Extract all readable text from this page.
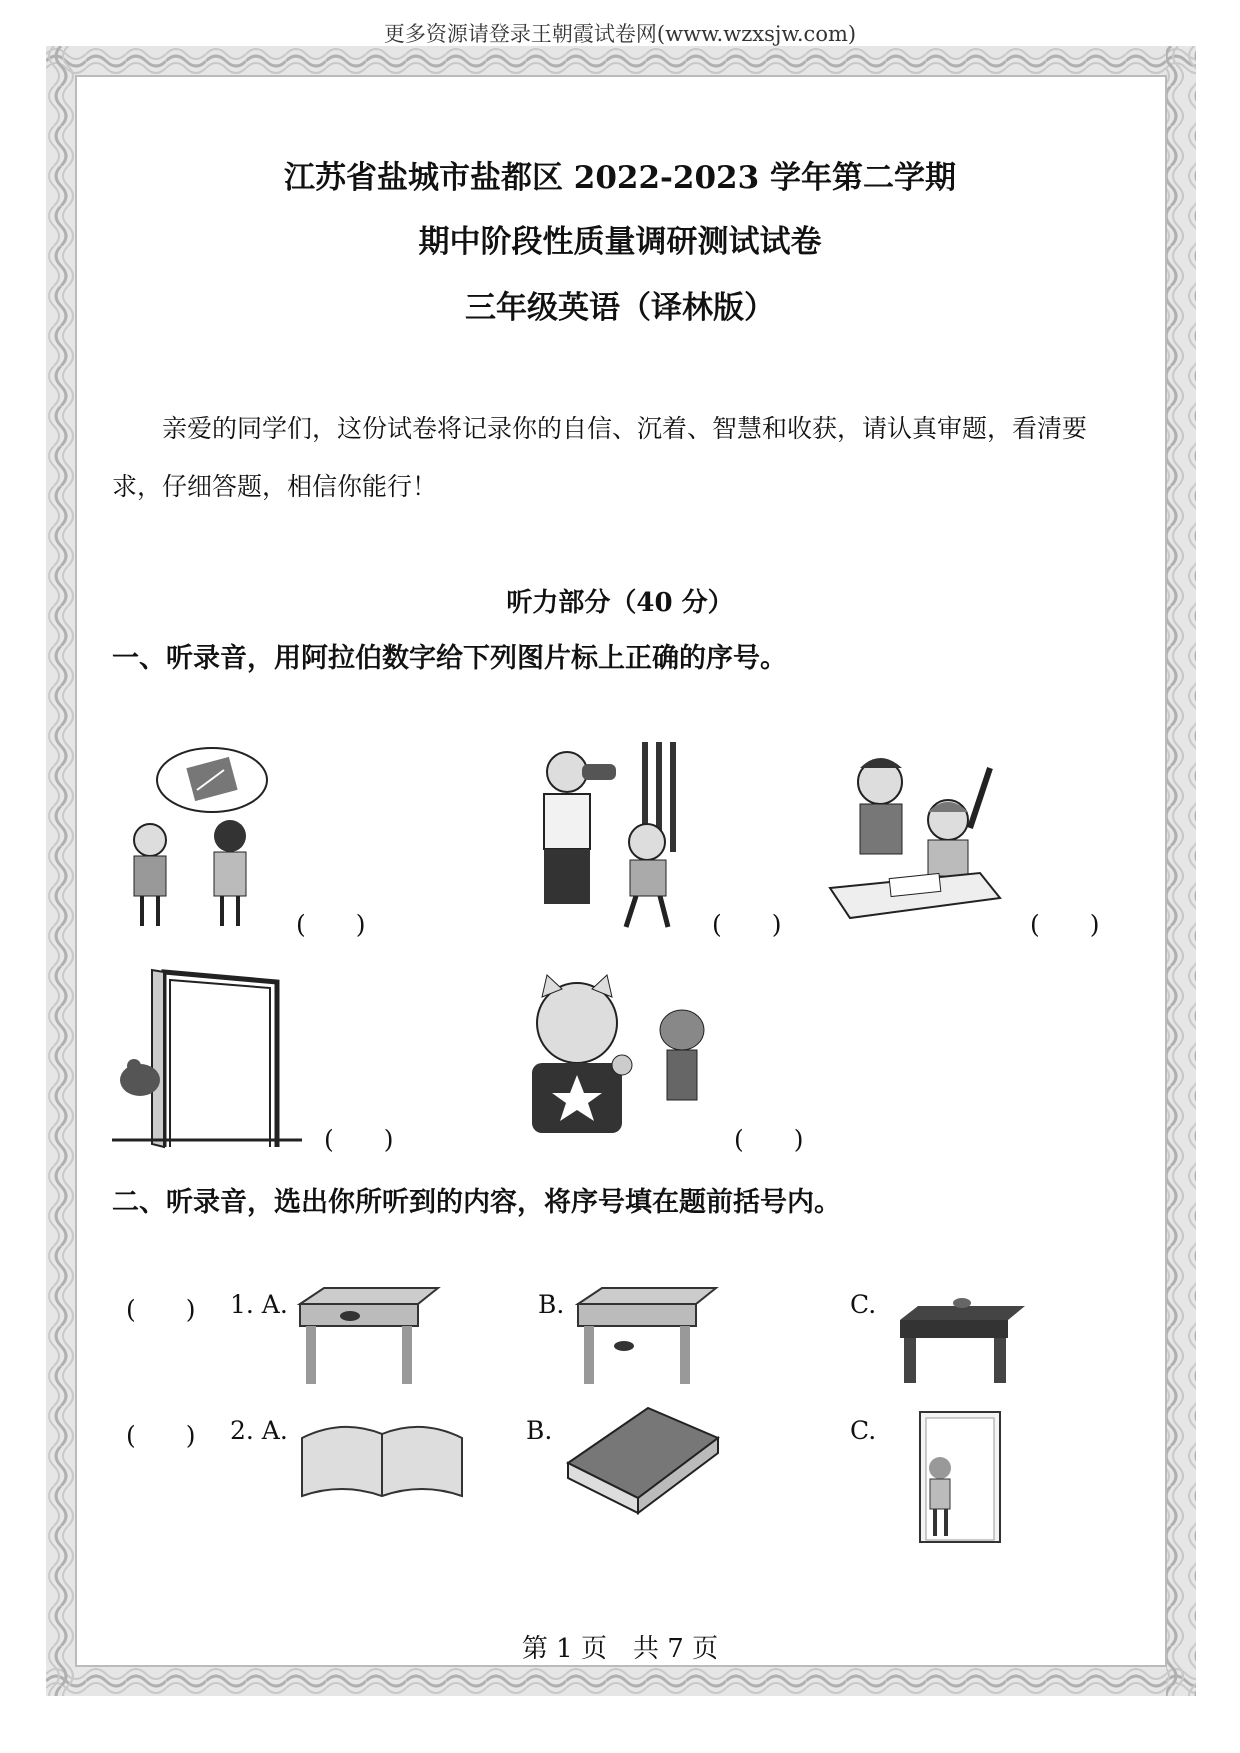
更多资源请登录王朝霞试卷网(www.wzxsjw.com)
江苏省盐城市盐都区 2022-2023 学年第二学期
期中阶段性质量调研测试试卷
三年级英语（译林版）
亲爱的同学们，这份试卷将记录你的自信、沉着、智慧和收获，请认真审题，看清要求，仔细答题，相信你能行！
听力部分（40 分）
一、听录音，用阿拉伯数字给下列图片标上正确的序号。
(　　)	(　　)	(　　)
(　　)	(　　)
二、听录音，选出你所听到的内容，将序号填在题前括号内。
(　　) 1. A.	B.	C.
(　　) 2. A.	B.	C.
第 1 页　共 7 页
